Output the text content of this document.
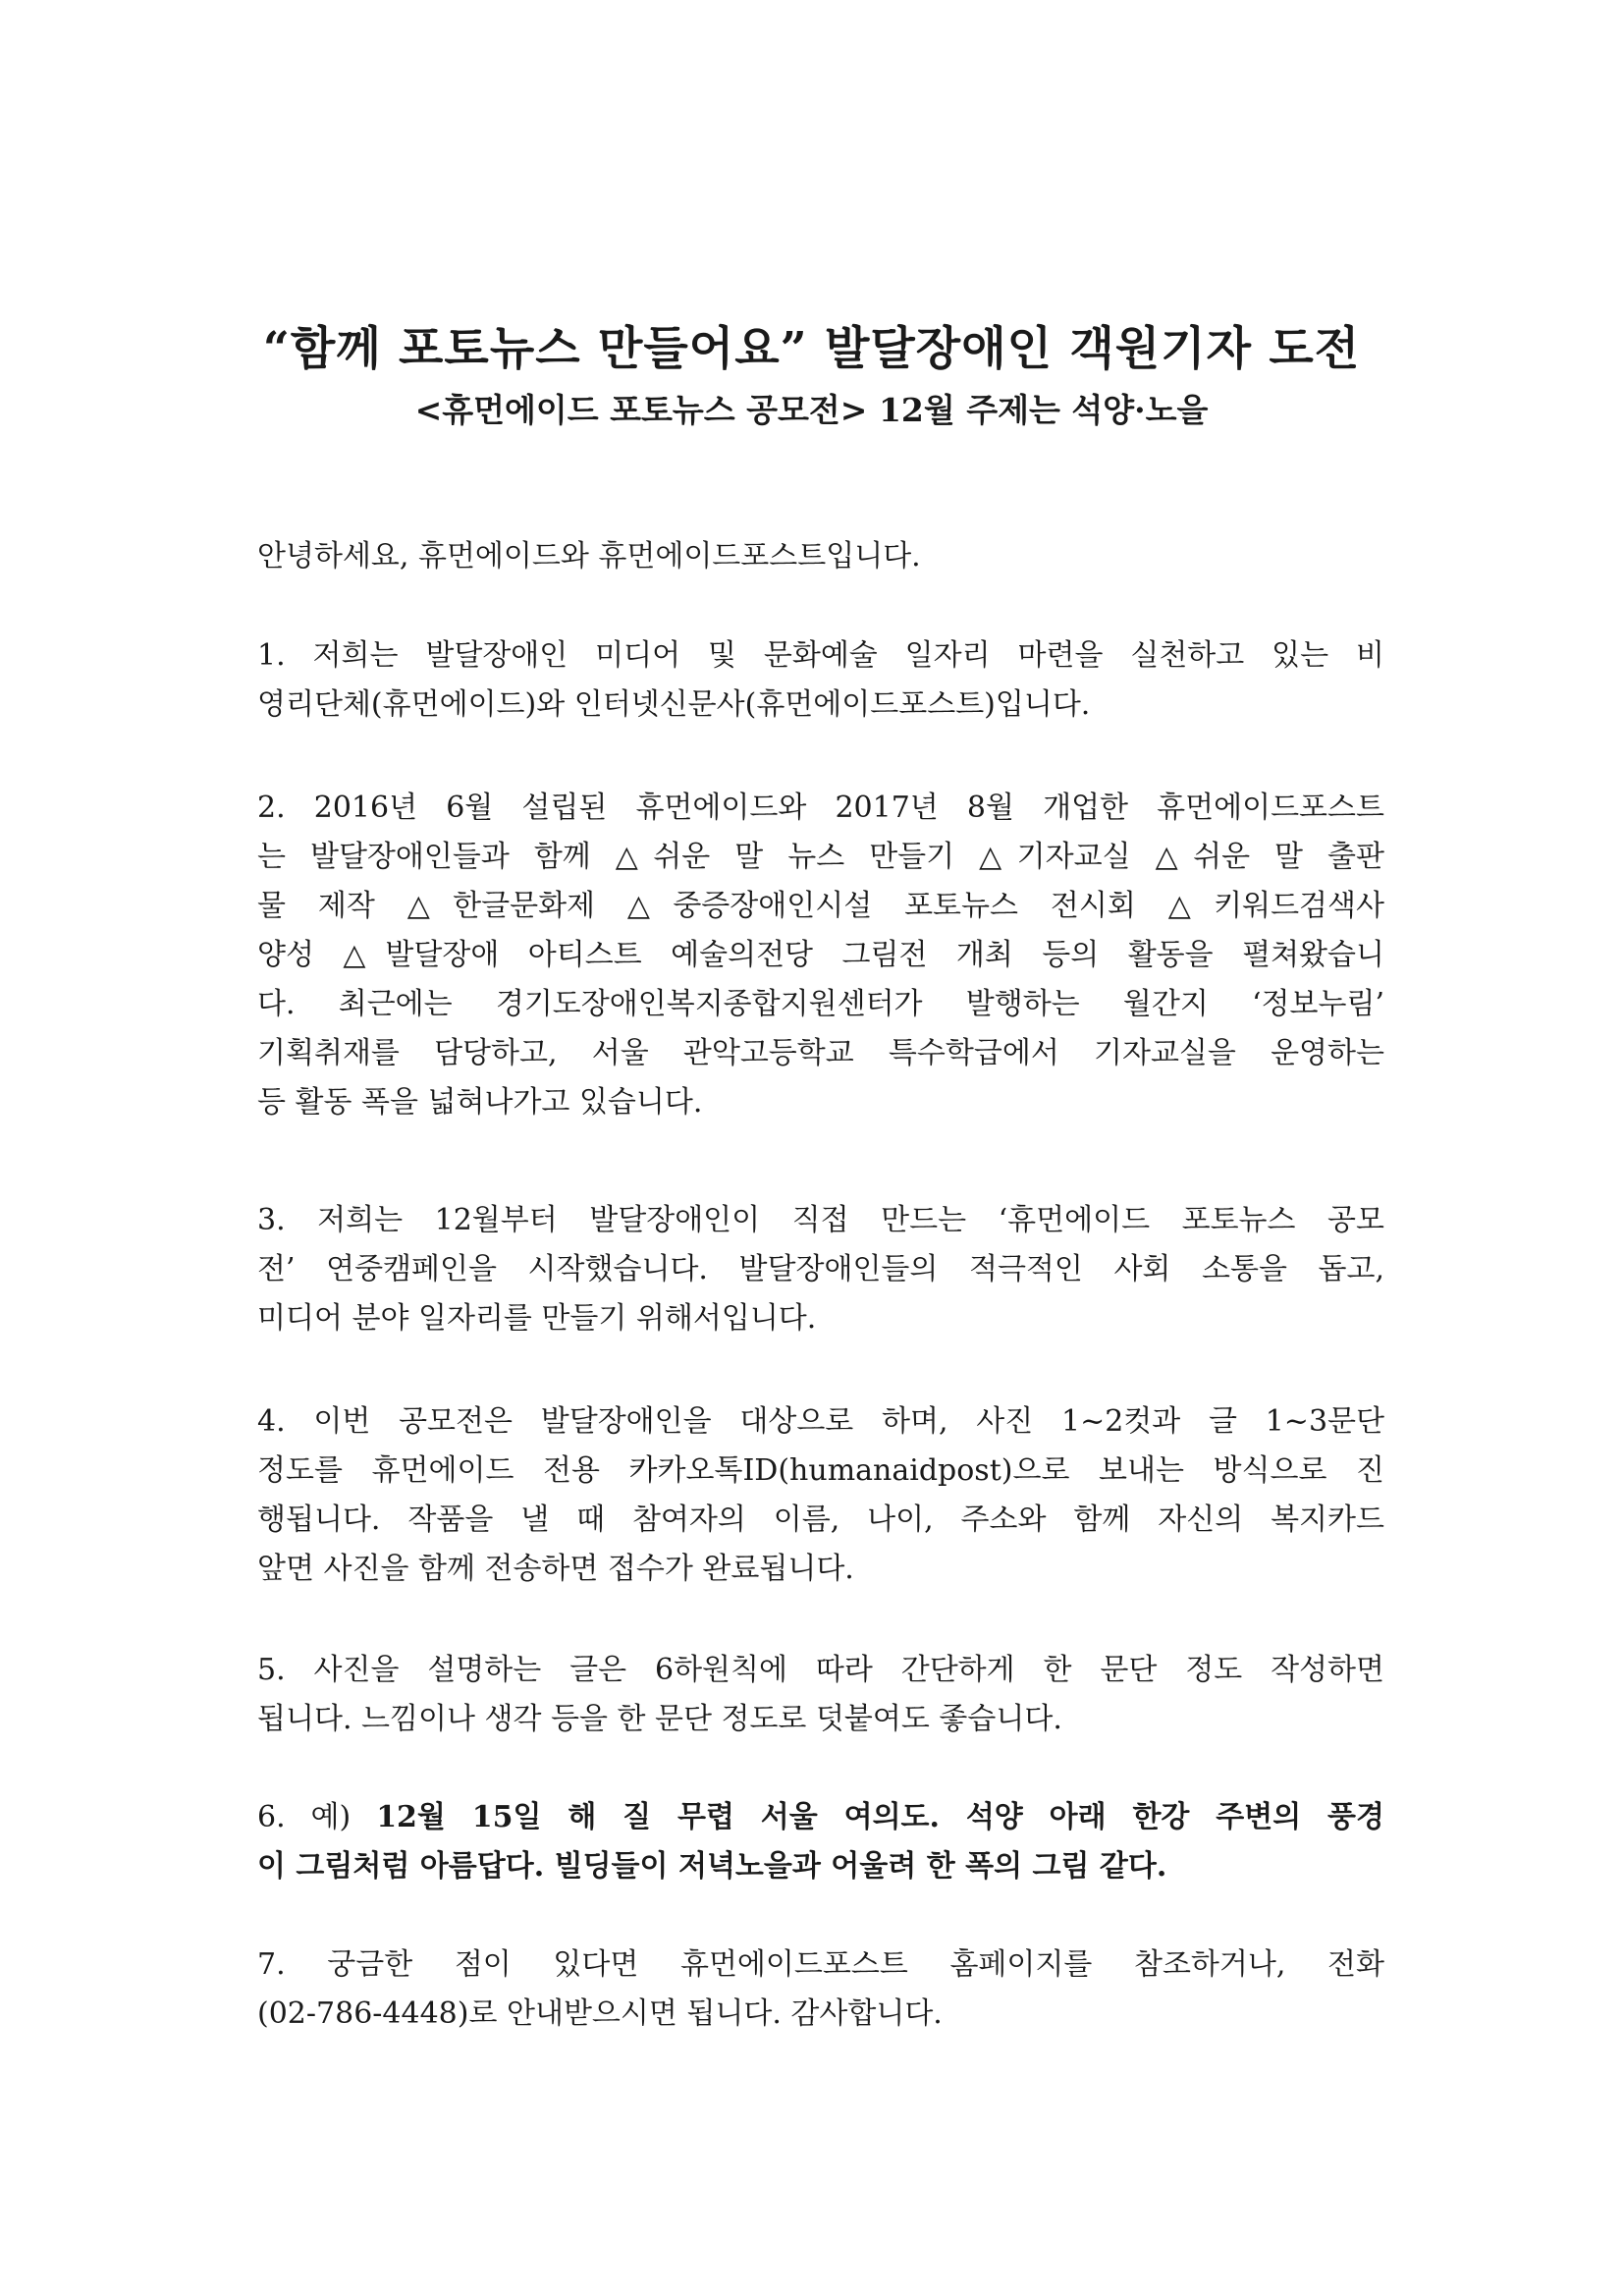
“함께 포토뉴스 만들어요” 발달장애인 객원기자 도전
<휴먼에이드 포토뉴스 공모전> 12월 주제는 석양·노을

안녕하세요, 휴먼에이드와 휴먼에이드포스트입니다.

1. 저희는 발달장애인 미디어 및 문화예술 일자리 마련을 실천하고 있는 비
영리단체(휴먼에이드)와 인터넷신문사(휴먼에이드포스트)입니다.

2. 2016년 6월 설립된 휴먼에이드와 2017년 8월 개업한 휴먼에이드포스트
는 발달장애인들과 함께 △쉬운 말 뉴스 만들기 △기자교실 △쉬운 말 출판
물 제작 △한글문화제 △중증장애인시설 포토뉴스 전시회 △키워드검색사
양성 △발달장애 아티스트 예술의전당 그림전 개최 등의 활동을 펼쳐왔습니
다. 최근에는 경기도장애인복지종합지원센터가 발행하는 월간지 ‘정보누림’
기획취재를 담당하고, 서울 관악고등학교 특수학급에서 기자교실을 운영하는
등 활동 폭을 넓혀나가고 있습니다.

3. 저희는 12월부터 발달장애인이 직접 만드는 ‘휴먼에이드 포토뉴스 공모
전’ 연중캠페인을 시작했습니다. 발달장애인들의 적극적인 사회 소통을 돕고,
미디어 분야 일자리를 만들기 위해서입니다.

4. 이번 공모전은 발달장애인을 대상으로 하며, 사진 1~2컷과 글 1~3문단
정도를 휴먼에이드 전용 카카오톡ID(humanaidpost)으로 보내는 방식으로 진
행됩니다. 작품을 낼 때 참여자의 이름, 나이, 주소와 함께 자신의 복지카드
앞면 사진을 함께 전송하면 접수가 완료됩니다.

5. 사진을 설명하는 글은 6하원칙에 따라 간단하게 한 문단 정도 작성하면
됩니다. 느낌이나 생각 등을 한 문단 정도로 덧붙여도 좋습니다.

6. 예) 12월 15일 해 질 무렵 서울 여의도. 석양 아래 한강 주변의 풍경
이 그림처럼 아름답다. 빌딩들이 저녁노을과 어울려 한 폭의 그림 같다.

7. 궁금한 점이 있다면 휴먼에이드포스트 홈페이지를 참조하거나, 전화
(02-786-4448)로 안내받으시면 됩니다. 감사합니다.
